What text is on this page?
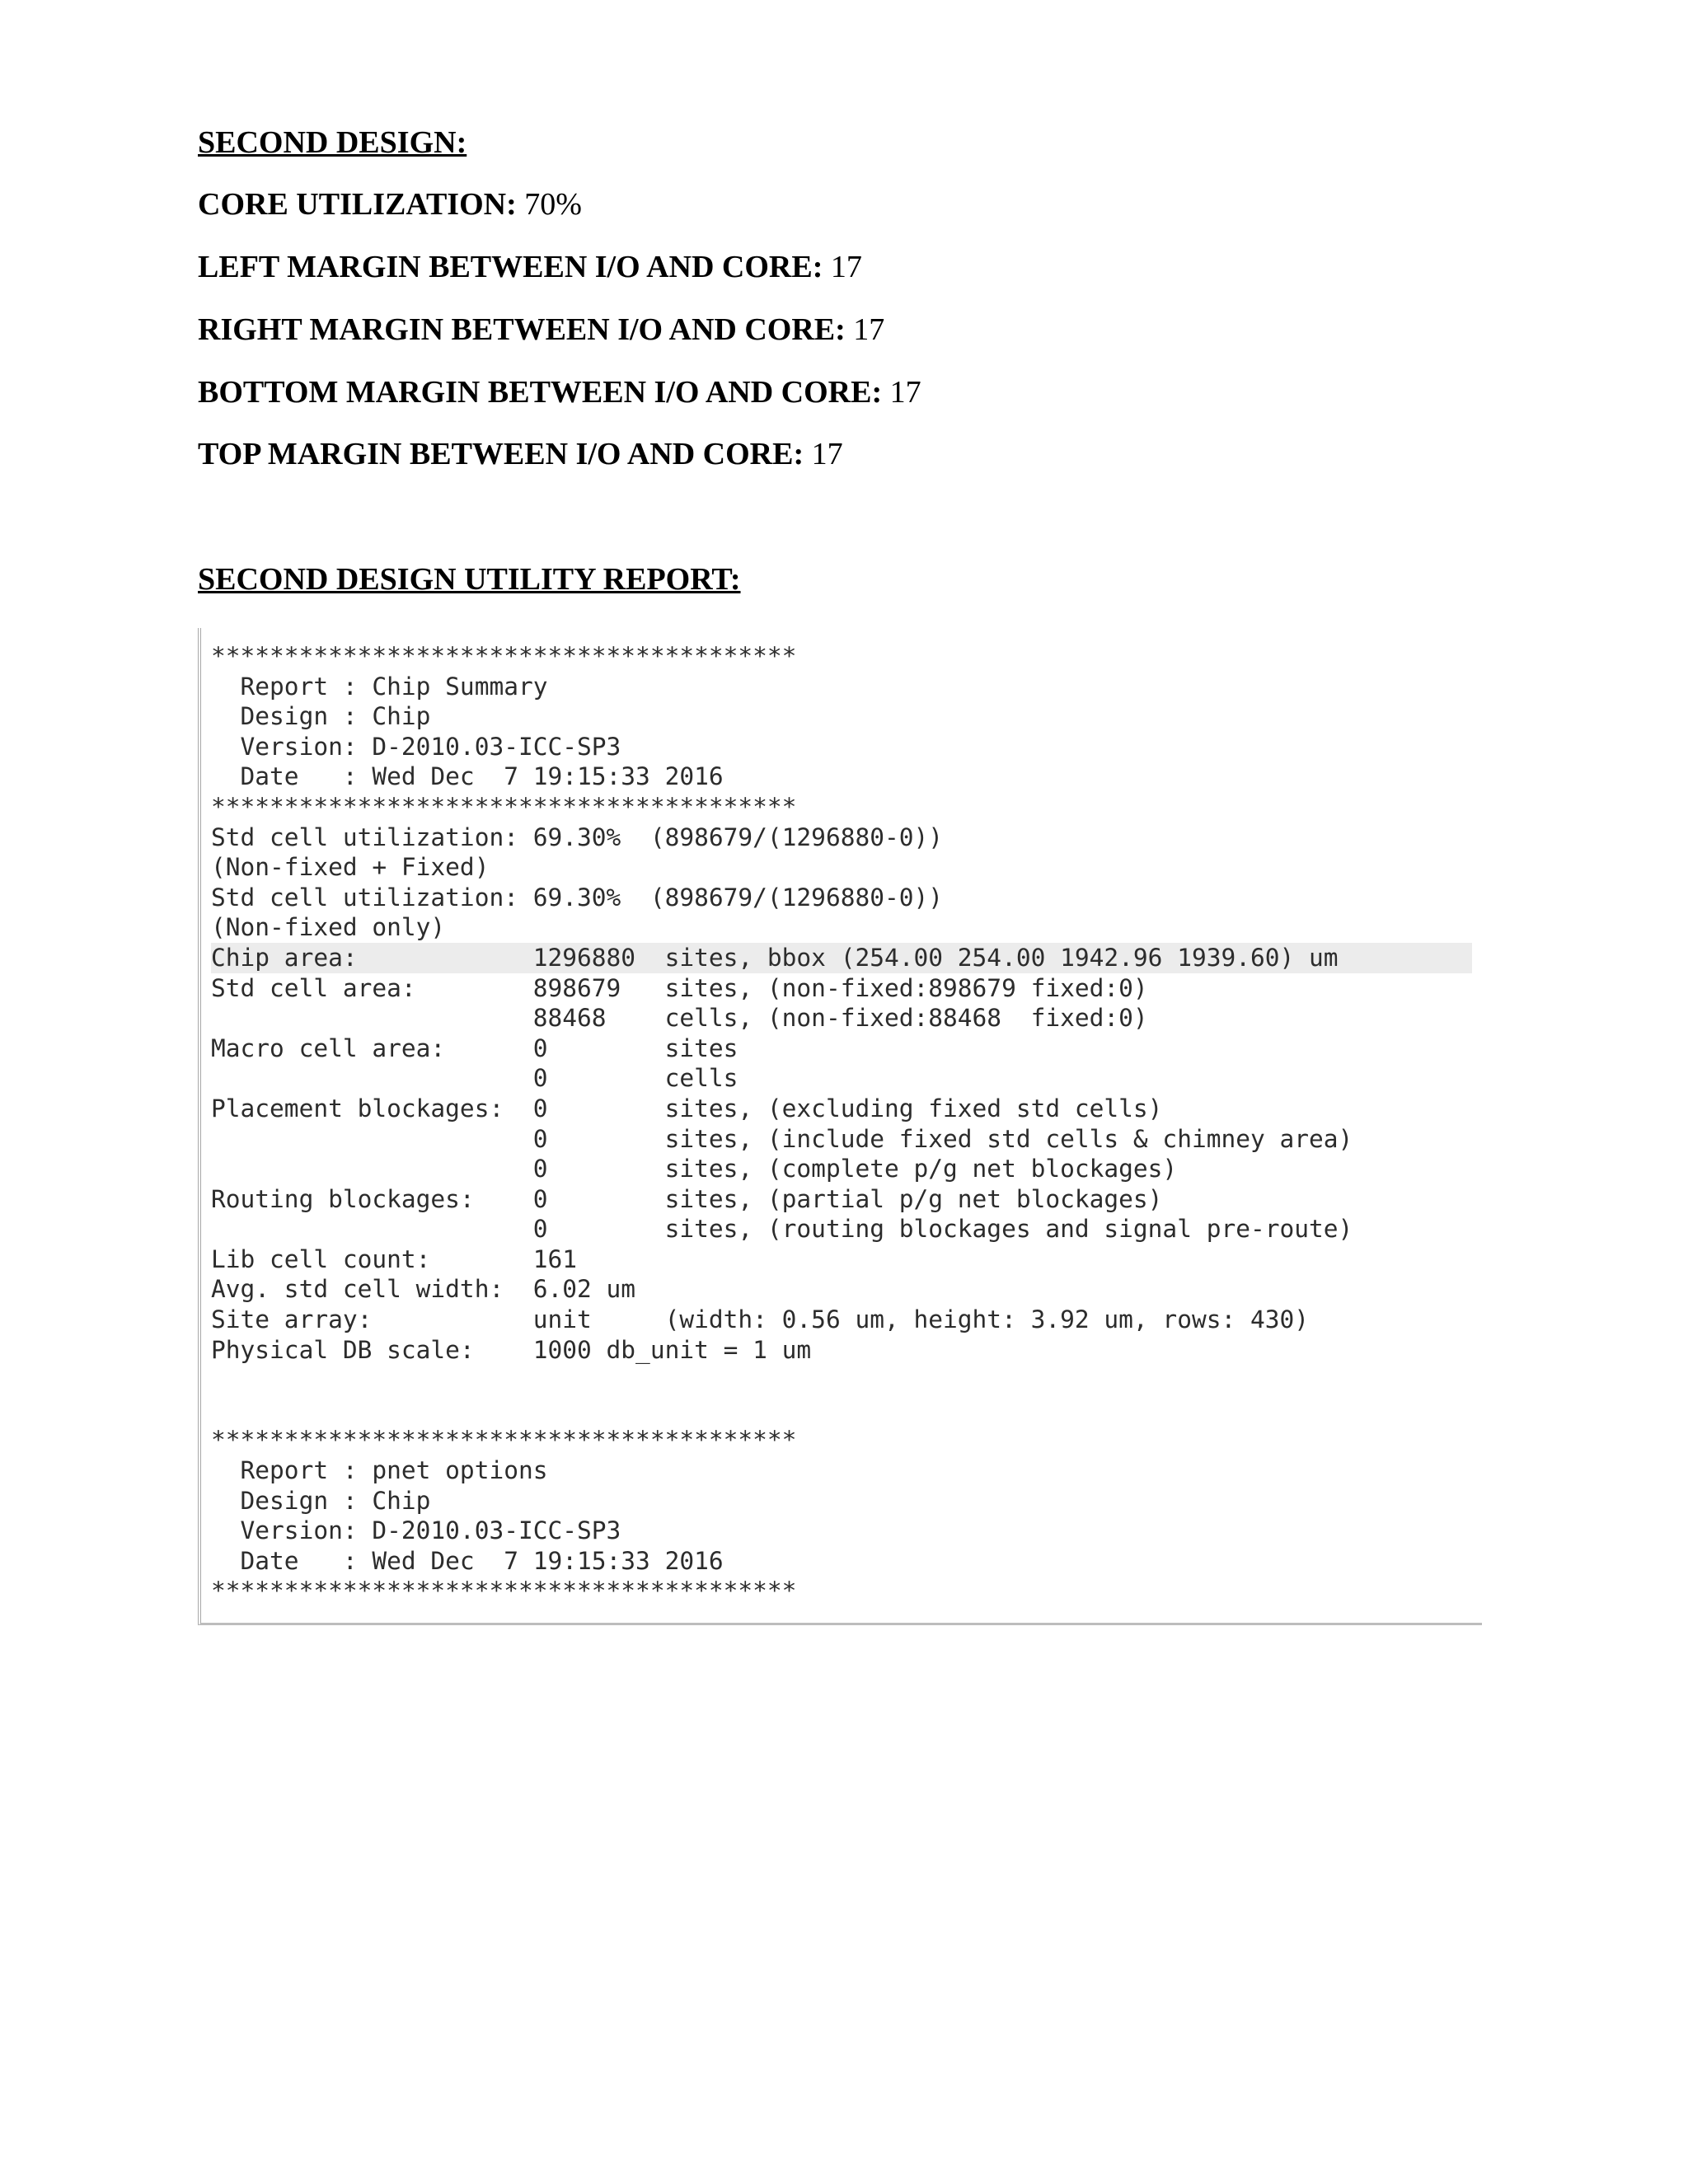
SECOND DESIGN:

CORE UTILIZATION: 70%

LEFT MARGIN BETWEEN I/O AND CORE: 17

RIGHT MARGIN BETWEEN I/O AND CORE: 17

BOTTOM MARGIN BETWEEN I/O AND CORE: 17

TOP MARGIN BETWEEN I/O AND CORE: 17

SECOND DESIGN UTILITY REPORT:

****************************************
Report : Chip Summary
Design : Chip
Version: D-2010.03-ICC-SP3
Date   : Wed Dec  7 19:15:33 2016
****************************************
Std cell utilization: 69.30%  (898679/(1296880-0))
(Non-fixed + Fixed)
Std cell utilization: 69.30%  (898679/(1296880-0))
(Non-fixed only)
Chip area:            1296880  sites, bbox (254.00 254.00 1942.96 1939.60) um
Std cell area:        898679   sites, (non-fixed:898679 fixed:0)
88468    cells, (non-fixed:88468  fixed:0)
Macro cell area:      0        sites
0        cells
Placement blockages:  0        sites, (excluding fixed std cells)
0        sites, (include fixed std cells & chimney area)
0        sites, (complete p/g net blockages)
Routing blockages:    0        sites, (partial p/g net blockages)
0        sites, (routing blockages and signal pre-route)
Lib cell count:       161
Avg. std cell width:  6.02 um
Site array:           unit     (width: 0.56 um, height: 3.92 um, rows: 430)
Physical DB scale:    1000 db_unit = 1 um
****************************************
Report : pnet options
Design : Chip
Version: D-2010.03-ICC-SP3
Date   : Wed Dec  7 19:15:33 2016
****************************************
